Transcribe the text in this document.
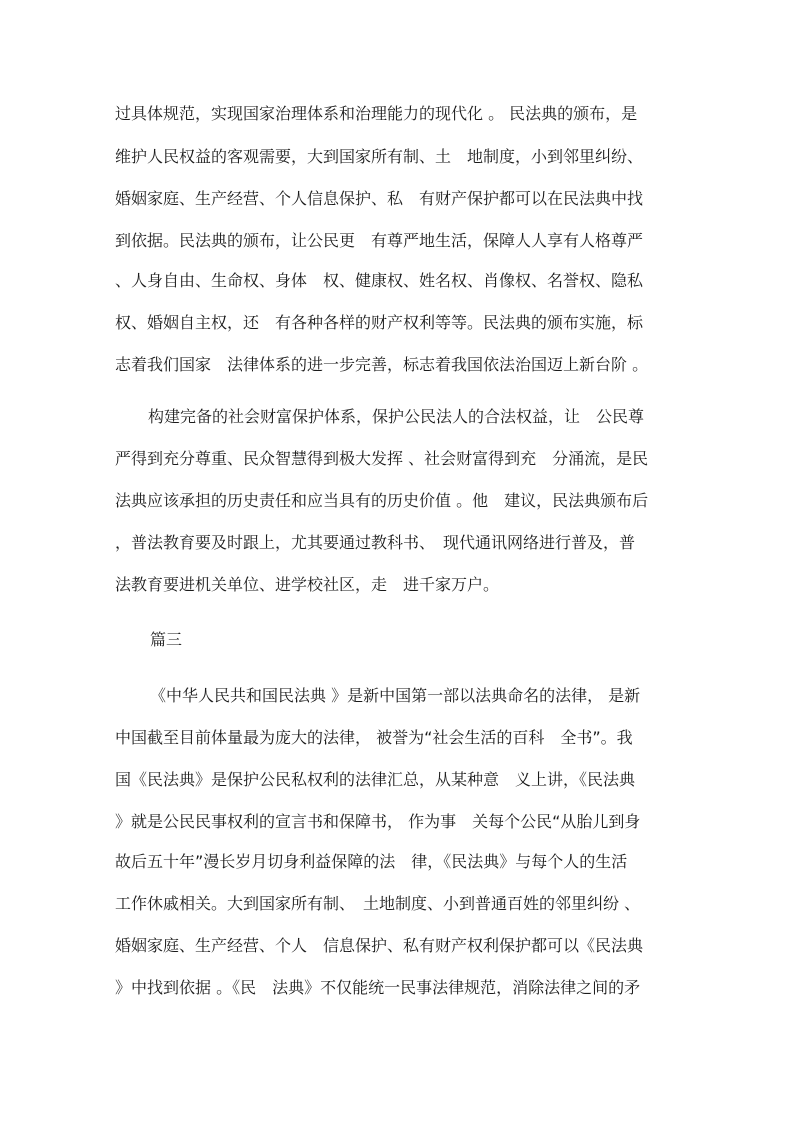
过具体规范，实现国家治理体系和治理能力的现代化 。 民法典的颁布，是
维护人民权益的客观需要，大到国家所有制、土　地制度，小到邻里纠纷、
婚姻家庭、生产经营、个人信息保护、私　有财产保护都可以在民法典中找
到依据。民法典的颁布，让公民更　有尊严地生活，保障人人享有人格尊严
、人身自由、生命权、身体　权、健康权、姓名权、肖像权、名誉权、隐私
权、婚姻自主权，还　有各种各样的财产权利等等。民法典的颁布实施，标
志着我们国家　法律体系的进一步完善，标志着我国依法治国迈上新台阶 。
构建完备的社会财富保护体系，保护公民法人的合法权益，让　公民尊
严得到充分尊重、民众智慧得到极大发挥 、社会财富得到充　分涌流，是民
法典应该承担的历史责任和应当具有的历史价值 。他　建议，民法典颁布后
，普法教育要及时跟上，尤其要通过教科书、　现代通讯网络进行普及，普
法教育要进机关单位、进学校社区，走　进千家万户。
篇三
《中华人民共和国民法典 》是新中国第一部以法典命名的法律， 是新
中国截至目前体量最为庞大的法律， 被誉为“社会生活的百科　全书”。我
国《民法典》是保护公民私权利的法律汇总，从某种意　义上讲，《民法典
》就是公民民事权利的宣言书和保障书， 作为事　关每个公民“从胎儿到身
故后五十年”漫长岁月切身利益保障的法　律，《民法典》与每个人的生活
工作休戚相关。大到国家所有制、　土地制度、小到普通百姓的邻里纠纷 、
婚姻家庭、生产经营、个人　信息保护、私有财产权利保护都可以《民法典
》中找到依据 。《民　法典》不仅能统一民事法律规范，消除法律之间的矛
